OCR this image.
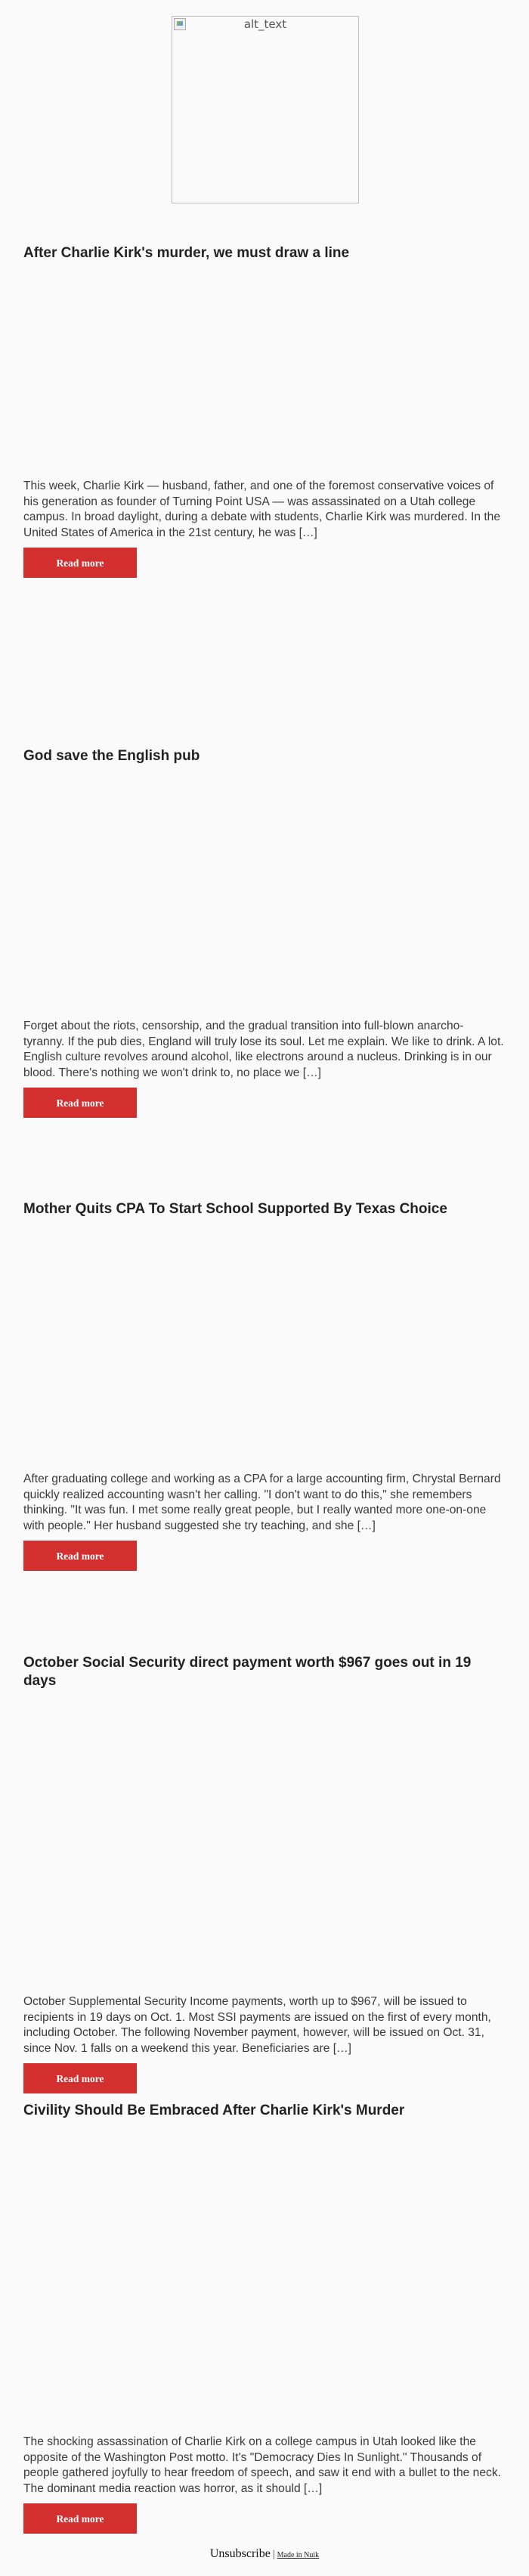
alt_text
After Charlie Kirk's murder, we must draw a line

This week, Charlie Kirk — husband, father, and one of the foremost conservative voices of his generation as founder of Turning Point USA — was assassinated on a Utah college campus. In broad daylight, during a debate with students, Charlie Kirk was murdered. In the United States of America in the 21st century, he was […]

Read more
God save the English pub

Forget about the riots, censorship, and the gradual transition into full-blown anarcho-tyranny. If the pub dies, England will truly lose its soul. Let me explain. We like to drink. A lot. English culture revolves around alcohol, like electrons around a nucleus. Drinking is in our blood. There's nothing we won't drink to, no place we […]

Read more
Mother Quits CPA To Start School Supported By Texas Choice

After graduating college and working as a CPA for a large accounting firm, Chrystal Bernard quickly realized accounting wasn't her calling. "I don't want to do this," she remembers thinking. "It was fun. I met some really great people, but I really wanted more one-on-one with people." Her husband suggested she try teaching, and she […]

Read more
October Social Security direct payment worth $967 goes out in 19 days

October Supplemental Security Income payments, worth up to $967, will be issued to recipients in 19 days on Oct. 1. Most SSI payments are issued on the first of every month, including October. The following November payment, however, will be issued on Oct. 31, since Nov. 1 falls on a weekend this year. Beneficiaries are […]

Read more
Civility Should Be Embraced After Charlie Kirk's Murder

The shocking assassination of Charlie Kirk on a college campus in Utah looked like the opposite of the Washington Post motto. It's "Democracy Dies In Sunlight." Thousands of people gathered joyfully to hear freedom of speech, and saw it end with a bullet to the neck. The dominant media reaction was horror, as it should […]

Read more
Unsubscribe | Made in Nuik
